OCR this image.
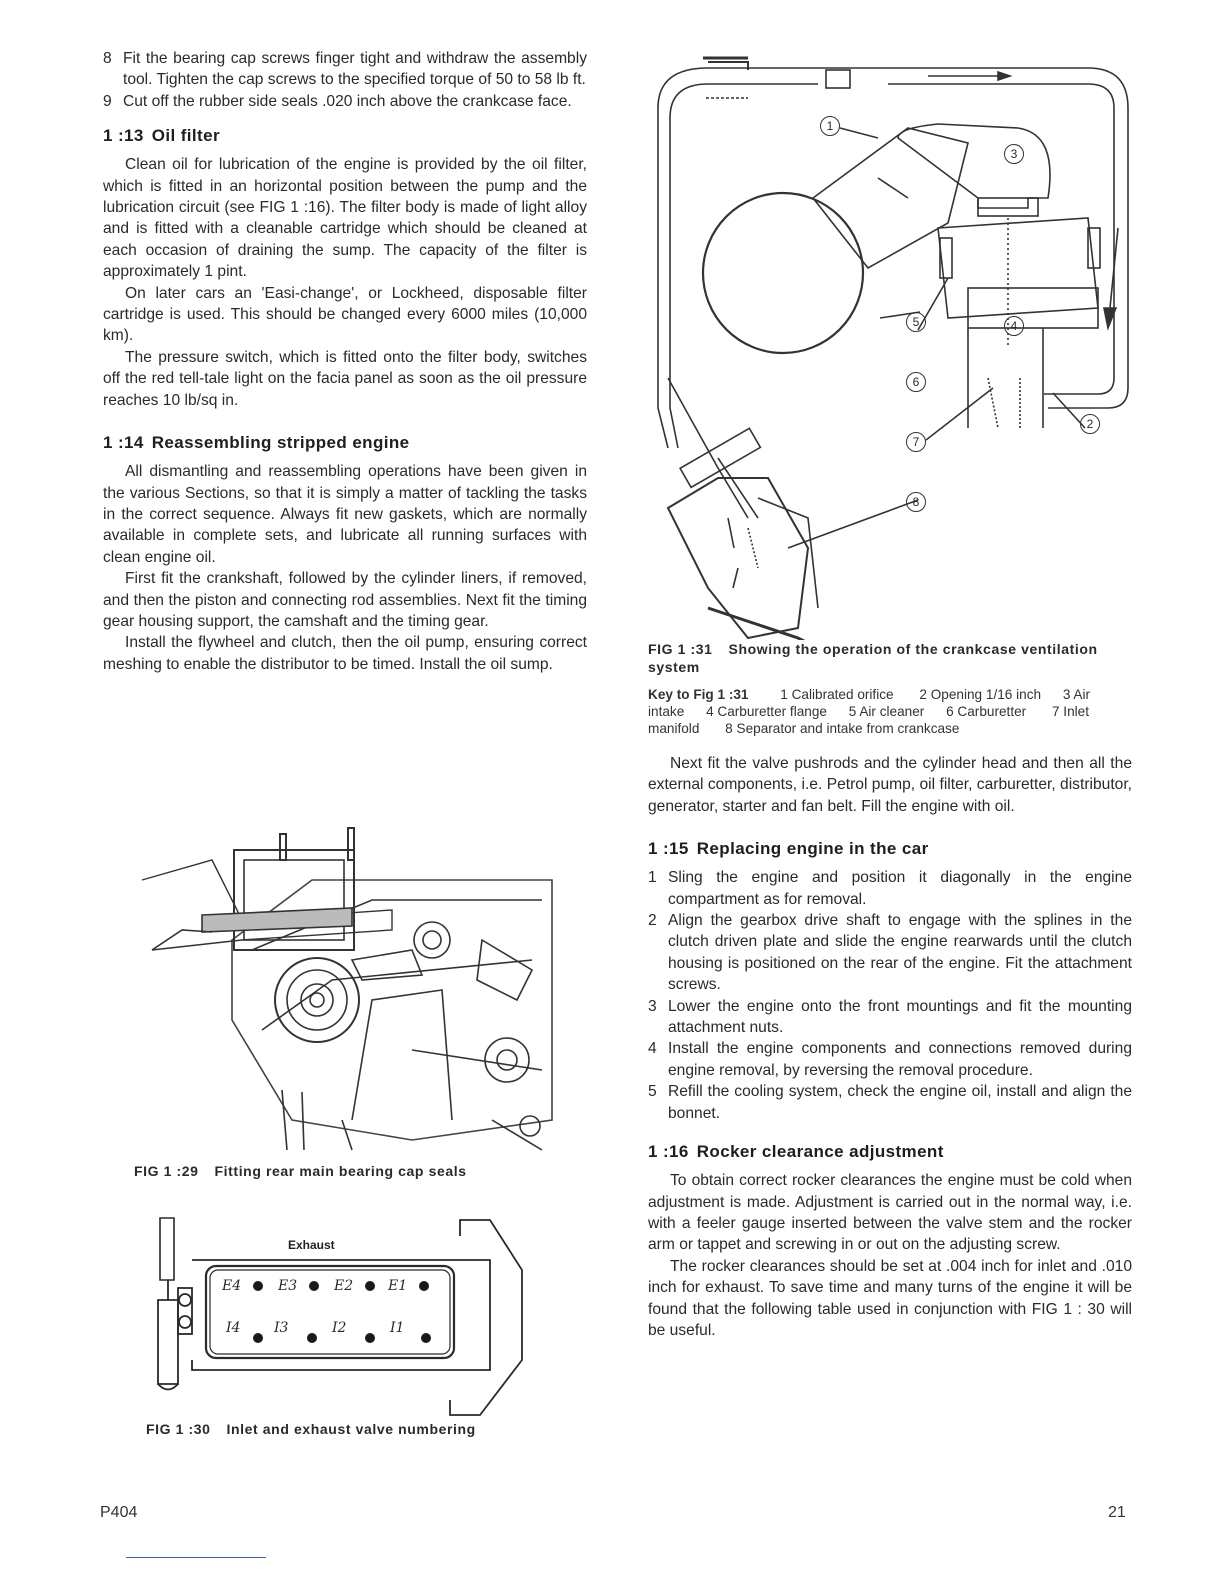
8 Fit the bearing cap screws finger tight and withdraw the assembly tool. Tighten the cap screws to the specified torque of 50 to 58 lb ft.
9 Cut off the rubber side seals .020 inch above the crankcase face.
1 :13 Oil filter

Clean oil for lubrication of the engine is provided by the oil filter, which is fitted in an horizontal position between the pump and the lubrication circuit (see FIG 1 :16). The filter body is made of light alloy and is fitted with a cleanable cartridge which should be cleaned at each occasion of draining the sump. The capacity of the filter is approximately 1 pint.

On later cars an 'Easi-change', or Lockheed, disposable filter cartridge is used. This should be changed every 6000 miles (10,000 km).

The pressure switch, which is fitted onto the filter body, switches off the red tell-tale light on the facia panel as soon as the oil pressure reaches 10 lb/sq in.

1 :14 Reassembling stripped engine

All dismantling and reassembling operations have been given in the various Sections, so that it is simply a matter of tackling the tasks in the correct sequence. Always fit new gaskets, which are normally available in complete sets, and lubricate all running surfaces with clean engine oil.

First fit the crankshaft, followed by the cylinder liners, if removed, and then the piston and connecting rod assemblies. Next fit the timing gear housing support, the camshaft and the timing gear.

Install the flywheel and clutch, then the oil pump, ensuring correct meshing to enable the distributor to be timed. Install the oil sump.

FIG 1 :29 Fitting rear main bearing cap seals
Exhaust
E4	E3	E2 E1
I4 I3	I2	I1
FIG 1 :30 Inlet and exhaust valve numbering
1
2
3
4
5
6
7
8
FIG 1 :31 Showing the operation of the crankcase ventilation system
Key to Fig 1 :31 1 Calibrated orifice 2 Opening 1/16 inch 3 Air intake 4 Carburetter flange 5 Air cleaner 6 Carburetter 7 Inlet manifold 8 Separator and intake from crankcase

Next fit the valve pushrods and the cylinder head and then all the external components, i.e. Petrol pump, oil filter, carburetter, distributor, generator, starter and fan belt. Fill the engine with oil.

1 :15 Replacing engine in the car
1 Sling the engine and position it diagonally in the engine compartment as for removal.
2 Align the gearbox drive shaft to engage with the splines in the clutch driven plate and slide the engine rearwards until the clutch housing is positioned on the rear of the engine. Fit the attachment screws.
3 Lower the engine onto the front mountings and fit the mounting attachment nuts.
4 Install the engine components and connections removed during engine removal, by reversing the removal procedure.
5 Refill the cooling system, check the engine oil, install and align the bonnet.
1 :16 Rocker clearance adjustment

To obtain correct rocker clearances the engine must be cold when adjustment is made. Adjustment is carried out in the normal way, i.e. with a feeler gauge inserted between the valve stem and the rocker arm or tappet and screwing in or out on the adjusting screw.

The rocker clearances should be set at .004 inch for inlet and .010 inch for exhaust. To save time and many turns of the engine it will be found that the following table used in conjunction with FIG 1 : 30 will be useful.

P404	21
